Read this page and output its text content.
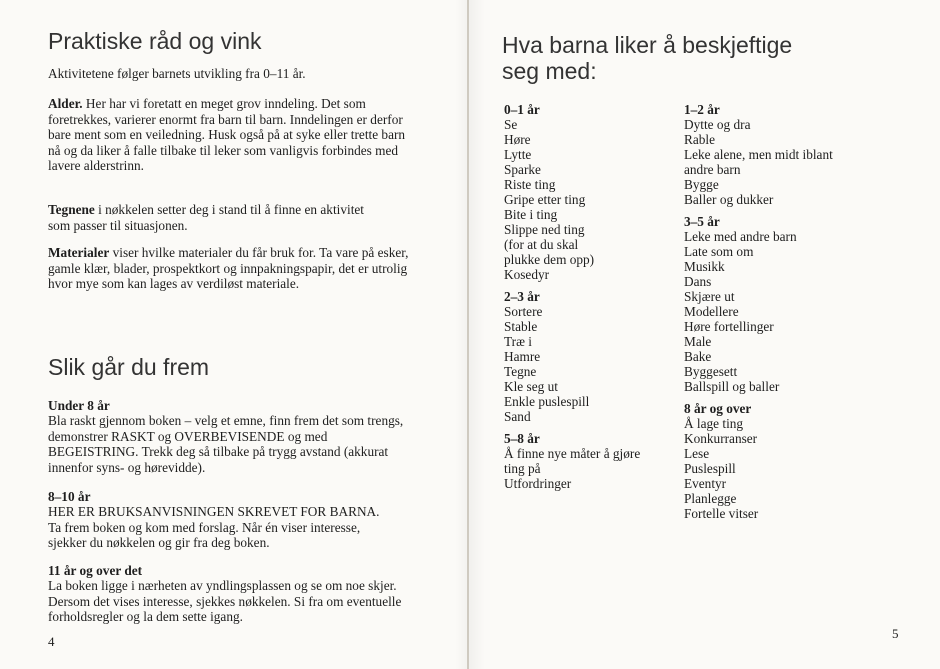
Praktiske råd og vink

Aktivitetene følger barnets utvikling fra 0–11 år.

Alder. Her har vi foretatt en meget grov inndeling. Det som foretrekkes, varierer enormt fra barn til barn. Inndelingen er derfor bare ment som en veiledning. Husk også på at syke eller trette barn nå og da liker å falle tilbake til leker som vanligvis forbindes med lavere alderstrinn.

Tegnene i nøkkelen setter deg i stand til å finne en aktivitet som passer til situasjonen.

Materialer viser hvilke materialer du får bruk for. Ta vare på esker, gamle klær, blader, prospektkort og innpakningspapir, det er utrolig hvor mye som kan lages av verdiløst materiale.

Slik går du frem

Under 8 år

Bla raskt gjennom boken – velg et emne, finn frem det som trengs, demonstrer RASKT og OVERBEVISENDE og med BEGEISTRING. Trekk deg så tilbake på trygg avstand (akkurat innenfor syns- og hørevidde).

8–10 år

HER ER BRUKSANVISNINGEN SKREVET FOR BARNA. Ta frem boken og kom med forslag. Når én viser interesse, sjekker du nøkkelen og gir fra deg boken.

11 år og over det

La boken ligge i nærheten av yndlingsplassen og se om noe skjer. Dersom det vises interesse, sjekkes nøkkelen. Si fra om eventuelle forholdsregler og la dem sette igang.

4
Hva barna liker å beskjeftige
seg med:
0–1 år
Se
Høre
Lytte
Sparke
Riste ting
Gripe etter ting
Bite i ting
Slippe ned ting
(for at du skal
plukke dem opp)
Kosedyr
2–3 år
Sortere
Stable
Træ i
Hamre
Tegne
Kle seg ut
Enkle puslespill
Sand
5–8 år
Å finne nye måter å gjøre
ting på
Utfordringer
1–2 år
Dytte og dra
Rable
Leke alene, men midt iblant
andre barn
Bygge
Baller og dukker
3–5 år
Leke med andre barn
Late som om
Musikk
Dans
Skjære ut
Modellere
Høre fortellinger
Male
Bake
Byggesett
Ballspill og baller
8 år og over
Å lage ting
Konkurranser
Lese
Puslespill
Eventyr
Planlegge
Fortelle vitser
5
